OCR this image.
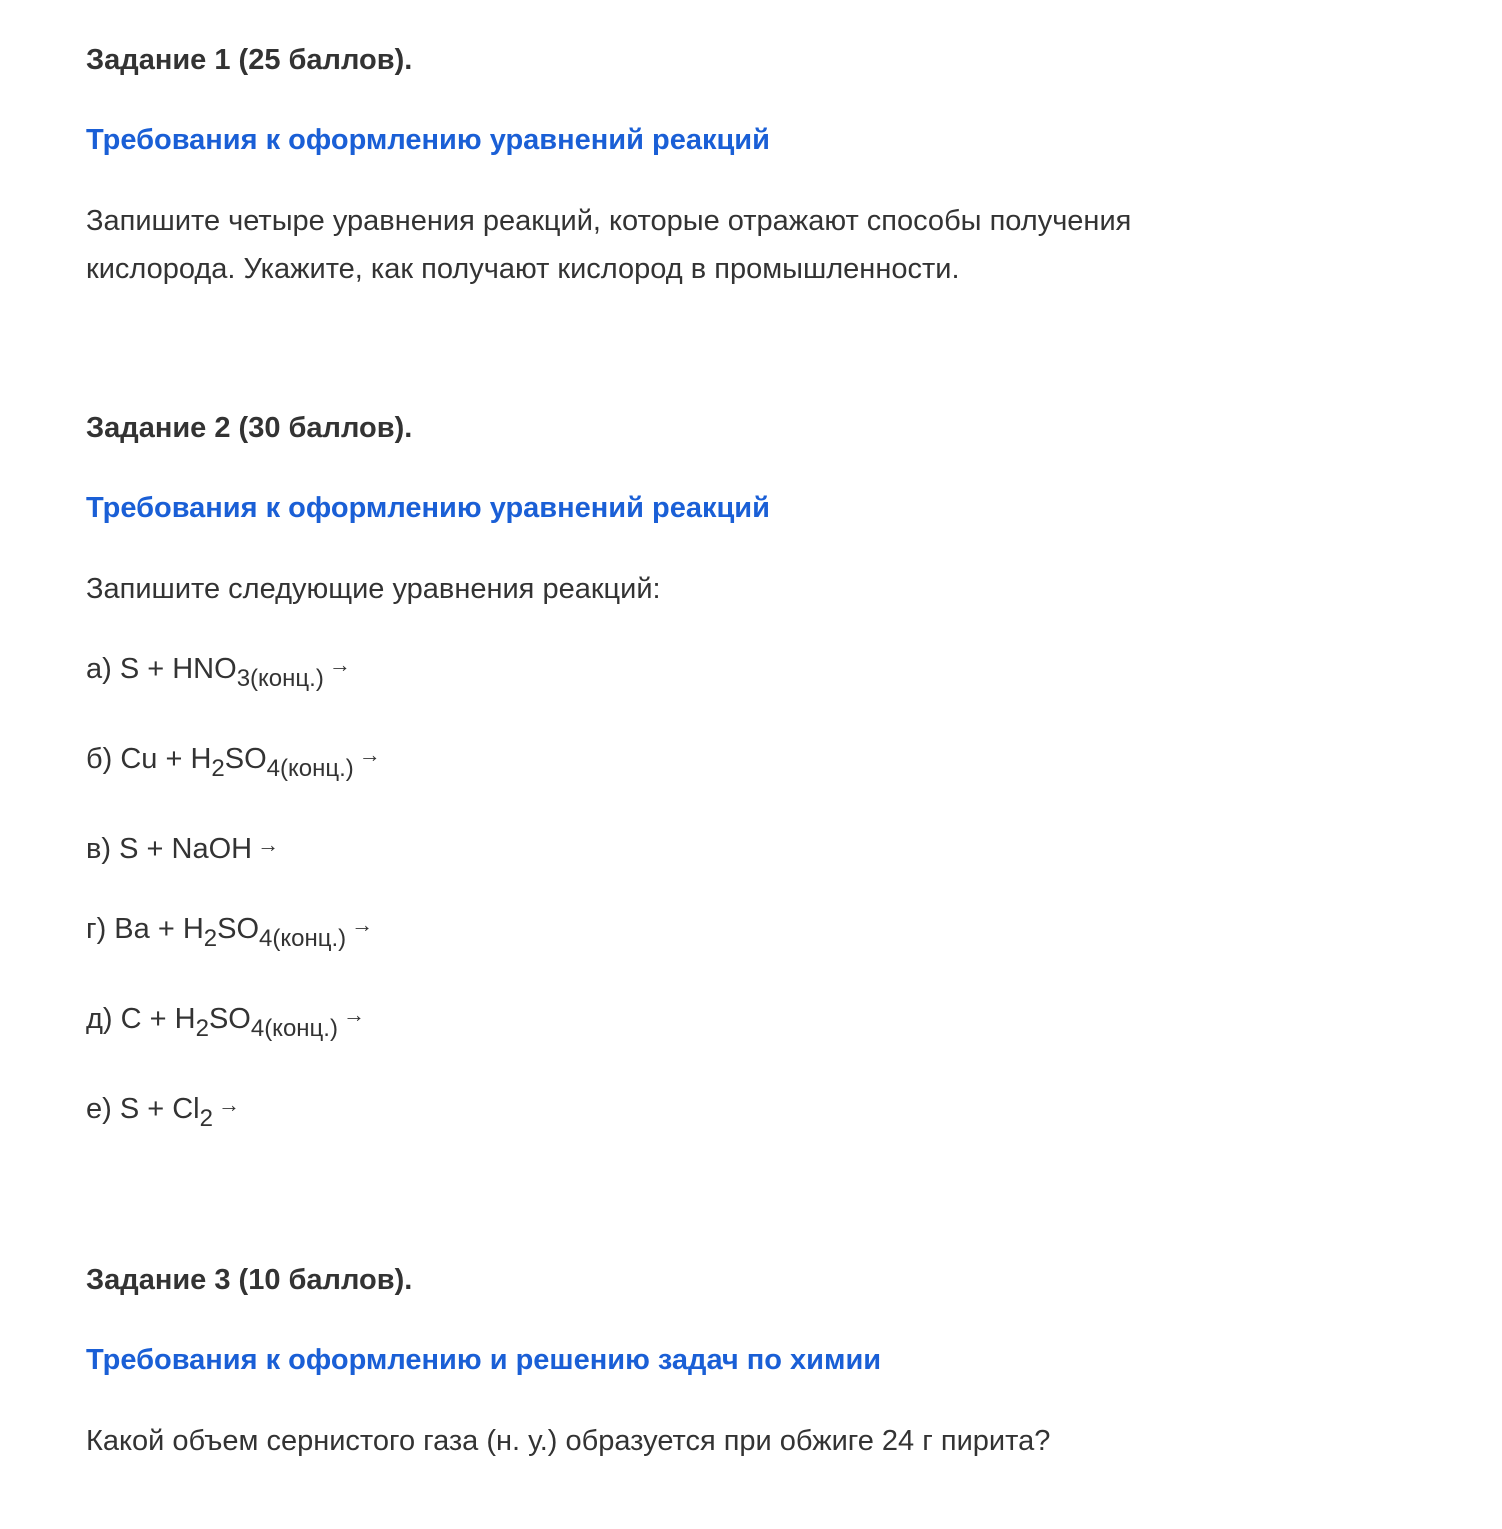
Задание 1 (25 баллов).
Требования к оформлению уравнений реакций
Запишите четыре уравнения реакций, которые отражают способы получения
кислорода. Укажите, как получают кислород в промышленности.
Задание 2 (30 баллов).
Требования к оформлению уравнений реакций
Запишите следующие уравнения реакций:
а) $S + HNO_{3(конц.)}^\to$
б) $Cu + H_2SO_{4(конц.)}^\to$
в) S + NaOH →
г) $Ba + H_2SO_{4(конц.)}^\to$
д) $C + H_2SO_{4(конц.)}^\to$
е) $S + Cl_2^\to$
Задание 3 (10 баллов).
Требования к оформлению и решению задач по химии
Какой объем сернистого газа (н. у.) образуется при обжиге 24 г пирита?
